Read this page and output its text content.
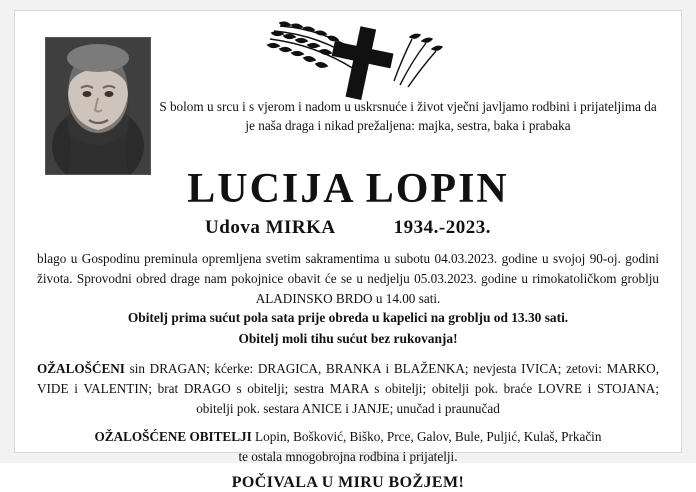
S bolom u srcu i s vjerom i nadom u uskrsnuće i život vječni javljamo rodbini i prijateljima da je naša draga i nikad prežaljena: majka, sestra, baka i prabaka
LUCIJA LOPIN
Udova MIRKA	1934.-2023.
blago u Gospodinu preminula opremljena svetim sakramentima u subotu 04.03.2023. godine u svojoj 90-oj. godini života. Sprovodni obred drage nam pokojnice obavit će se u nedjelju 05.03.2023. godine u rimokatoličkom groblju ALADINSKO BRDO u 14.00 sati.
Obitelj prima sućut pola sata prije obreda u kapelici na groblju od 13.30 sati.
Obitelj moli tihu sućut bez rukovanja!
OŽALOŠĆENI sin DRAGAN; kćerke: DRAGICA, BRANKA i BLAŽENKA; nevjesta IVICA; zetovi: MARKO, VIDE i VALENTIN; brat DRAGO s obitelji; sestra MARA s obitelji; obitelji pok. braće LOVRE i STOJANA; obitelji pok. sestara ANICE i JANJE; unučad i praunučad
OŽALOŠĆENE OBITELJI Lopin, Bošković, Biško, Prce, Galov, Bule, Puljić, Kulaš, Prkačin
te ostala mnogobrojna rodbina i prijatelji.
POČIVALA U MIRU BOŽJEM!
